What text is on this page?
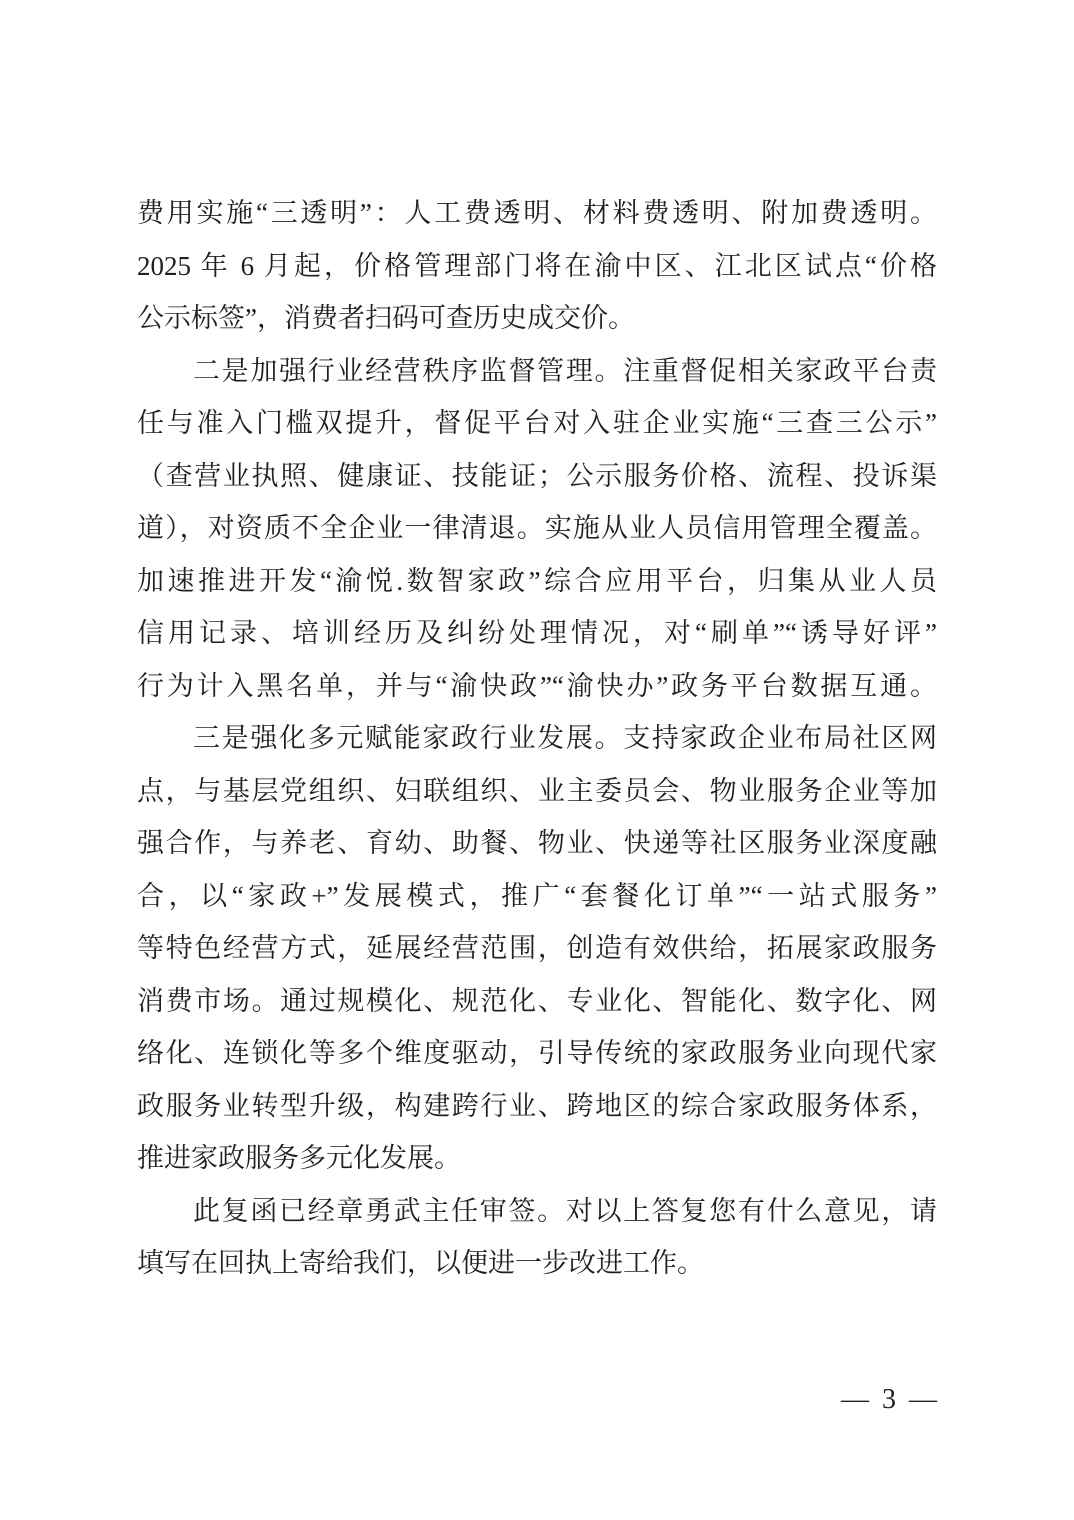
费用实施“三透明”：人工费透明、材料费透明、附加费透明。
2025 年 6 月起，价格管理部门将在渝中区、江北区试点“价格
公示标签”，消费者扫码可查历史成交价。
二是加强行业经营秩序监督管理。注重督促相关家政平台责
任与准入门槛双提升，督促平台对入驻企业实施“三查三公示”
（查营业执照、健康证、技能证；公示服务价格、流程、投诉渠
道），对资质不全企业一律清退。实施从业人员信用管理全覆盖。
加速推进开发“渝悦.数智家政”综合应用平台，归集从业人员
信用记录、培训经历及纠纷处理情况，对“刷单”“诱导好评”
行为计入黑名单，并与“渝快政”“渝快办”政务平台数据互通。
三是强化多元赋能家政行业发展。支持家政企业布局社区网
点，与基层党组织、妇联组织、业主委员会、物业服务企业等加
强合作，与养老、育幼、助餐、物业、快递等社区服务业深度融
合，以“家政+”发展模式，推广“套餐化订单”“一站式服务”
等特色经营方式，延展经营范围，创造有效供给，拓展家政服务
消费市场。通过规模化、规范化、专业化、智能化、数字化、网
络化、连锁化等多个维度驱动，引导传统的家政服务业向现代家
政服务业转型升级，构建跨行业、跨地区的综合家政服务体系，
推进家政服务多元化发展。
此复函已经章勇武主任审签。对以上答复您有什么意见，请
填写在回执上寄给我们，以便进一步改进工作。
— 3 —
